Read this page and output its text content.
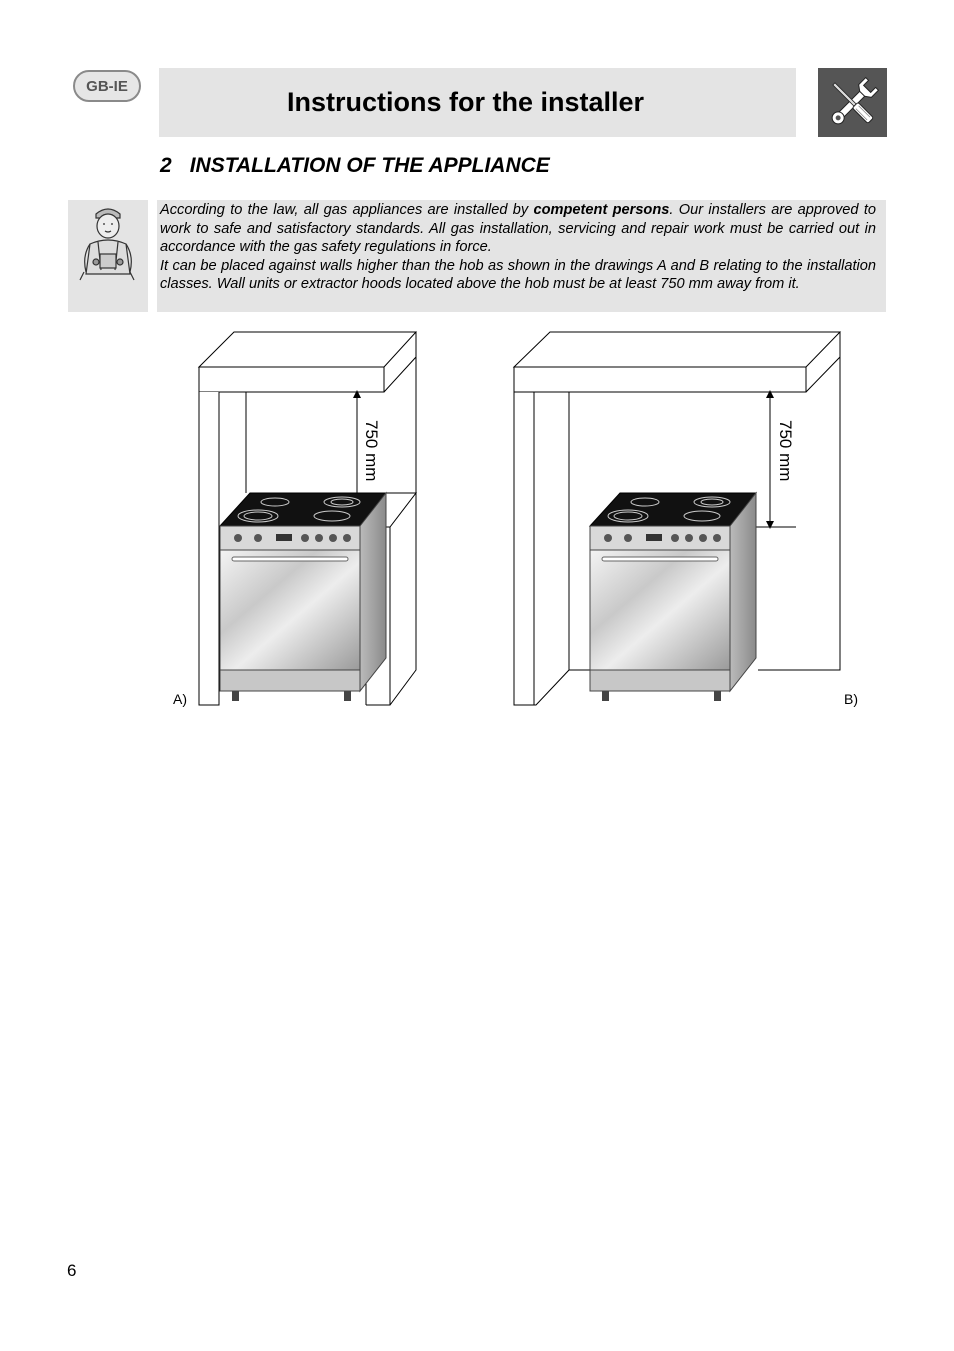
GB-IE
Instructions for the installer
2 INSTALLATION OF THE APPLIANCE

According to the law, all gas appliances are installed by competent persons. Our installers are approved to work to safe and satisfactory standards. All gas installation, servicing and repair work must be carried out in accordance with the gas safety regulations in force.

It can be placed against walls higher than the hob as shown in the drawings A and B relating to the installation classes. Wall units or extractor hoods located above the hob must be at least 750 mm away from it.

750 mm	750 mm
A)	B)
6
